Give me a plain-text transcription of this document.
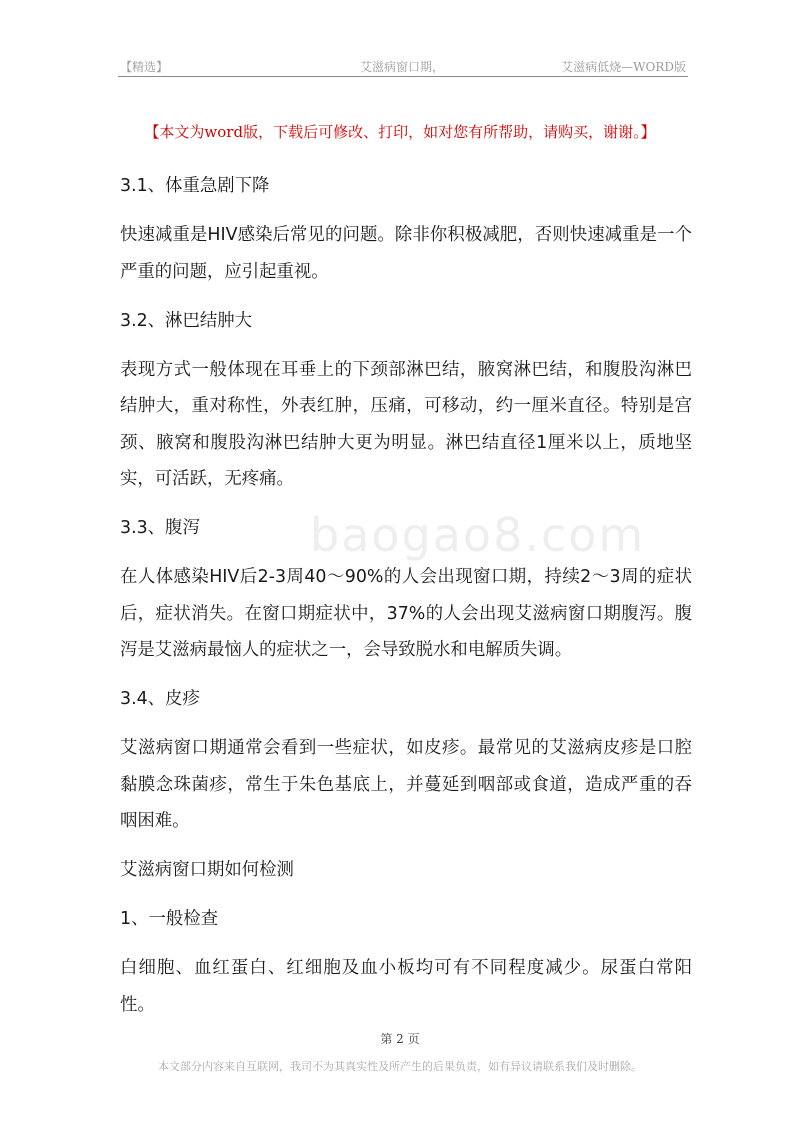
【精选】	艾滋病窗口期，	艾滋病低烧—WORD版
【本文为word版，下载后可修改、打印，如对您有所帮助，请购买，谢谢。】
baogao8.com

3.1、体重急剧下降

快速减重是HIV感染后常见的问题。除非你积极减肥，否则快速减重是一个严重的问题，应引起重视。

3.2、淋巴结肿大

表现方式一般体现在耳垂上的下颈部淋巴结，腋窝淋巴结，和腹股沟淋巴结肿大，重对称性，外表红肿，压痛，可移动，约一厘米直径。特别是宫颈、腋窝和腹股沟淋巴结肿大更为明显。淋巴结直径1厘米以上，质地坚实，可活跃，无疼痛。

3.3、腹泻

在人体感染HIV后2-3周40～90%的人会出现窗口期，持续2～3周的症状后，症状消失。在窗口期症状中，37%的人会出现艾滋病窗口期腹泻。腹泻是艾滋病最恼人的症状之一，会导致脱水和电解质失调。

3.4、皮疹

艾滋病窗口期通常会看到一些症状，如皮疹。最常见的艾滋病皮疹是口腔黏膜念珠菌疹，常生于朱色基底上，并蔓延到咽部或食道，造成严重的吞咽困难。

艾滋病窗口期如何检测

1、一般检查

白细胞、血红蛋白、红细胞及血小板均可有不同程度减少。尿蛋白常阳性。

第 2 页
本文部分内容来自互联网，我司不为其真实性及所产生的后果负责，如有异议请联系我们及时删除。
